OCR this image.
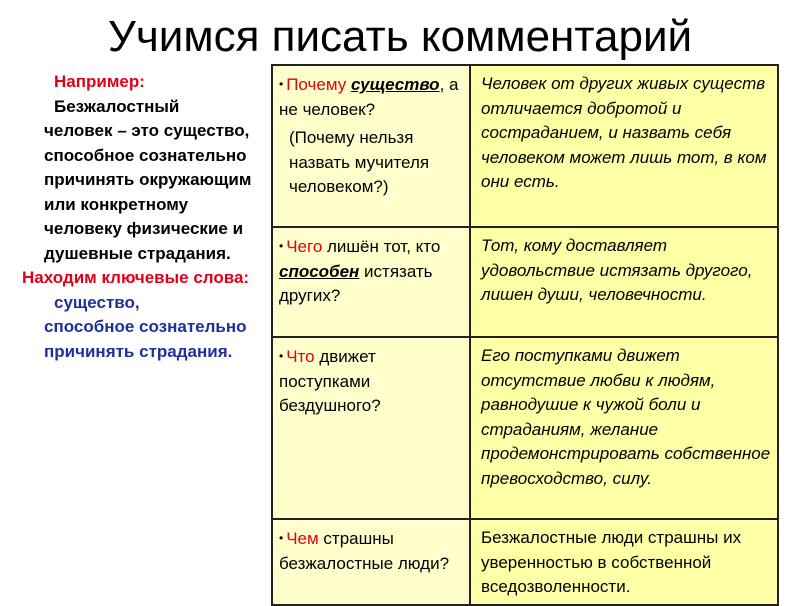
Учимся писать комментарий
Например:
Безжалостный
человек – это существо, способное сознательно причинять окружающим или конкретному человеку физические и душевные страдания.
Находим ключевые слова:
существо,
способное сознательно причинять страдания.
• Почему существо, а не человек?
(Почему нельзя назвать мучителя человеком?)	Человек от других живых существ отличается добротой и состраданием, и назвать себя человеком может лишь тот, в ком они есть.
• Чего лишён тот, кто способен истязать других?	Тот, кому доставляет удовольствие истязать другого, лишен души, человечности.
• Что движет поступками бездушного?	Его поступками движет отсутствие любви к людям, равнодушие к чужой боли и страданиям, желание продемонстрировать собственное превосходство, силу.
• Чем страшны безжалостные люди?	Безжалостные люди страшны их уверенностью в собственной вседозволенности.
